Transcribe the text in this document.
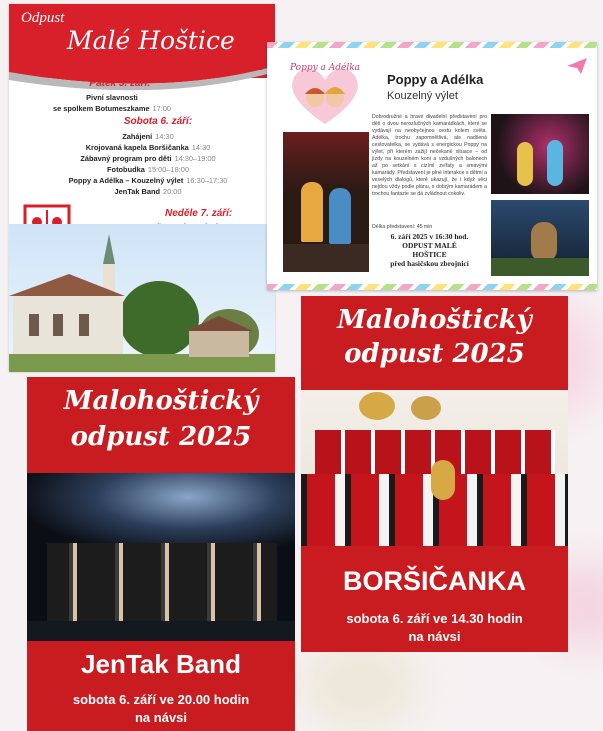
Odpust
Malé Hoštice
5.–7. 9. 2025
Pátek 5. září:
Pivní slavnosti
se spolkem Botumeszkame 17:00
Sobota 6. září:
Zahájení 14:30
Krojovaná kapela Boršičanka 14:30
Zábavný program pro děti 14:30–19:00
Fotobudka 15:00–18:00
Poppy a Adélka – Kouzelný výlet 16:30–17:30
JenTak Band 20:00
Neděle 7. září:
Poppy a Adélka
Poppy a Adélka
Kouzelný výlet
Dobrodružné a hravé divadelní představení pro děti o dvou nerozlučných kamarádkách, které se vydávají na neobyčejnou cestu kolem světa. Adélka, trochu zapomnětlivá, ale nadšená cestovatelka, se vydává s energickou Poppy na výlet, při kterém zažijí nečekané situace – od jízdy na kouzelném koni a vzdušných balonech až po setkání s cizími zvířaty a smavými kamarády. Představení je plné interakce s dětmi a veselých dialogů, které ukazují, že i když věci nejdou vždy podle plánu, s dobrým kamarádem a trochou fantazie se dá zvládnout cokoliv.
Délka představení: 45 min
6. září 2025 v 16:30 hod.
ODPUST MALÉ
HOŠTICE
před hasičskou zbrojnicí
Malohoštický
odpust 2025
BORŠIČANKA
sobota 6. září ve 14.30 hodin
na návsi
Malohoštický
odpust 2025
JenTak Band
sobota 6. září ve 20.00 hodin
na návsi
